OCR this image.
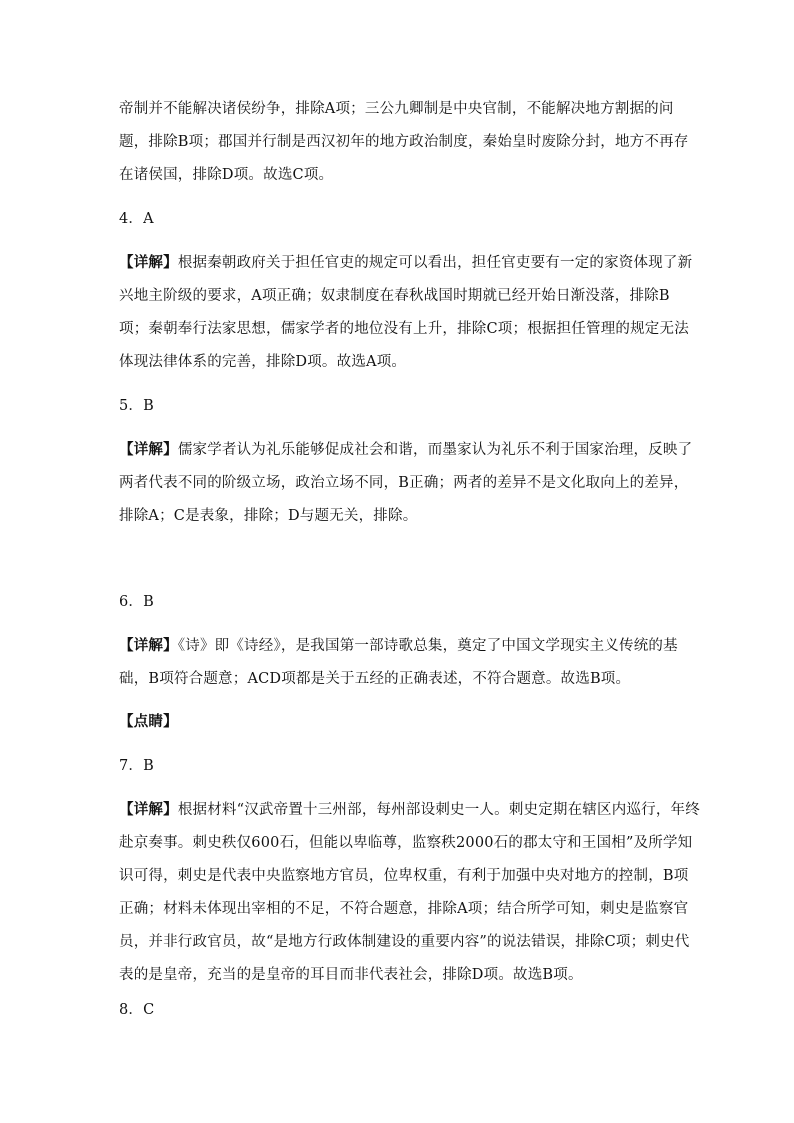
帝制并不能解决诸侯纷争，排除A项；三公九卿制是中央官制，不能解决地方割据的问
题，排除B项；郡国并行制是西汉初年的地方政治制度，秦始皇时废除分封，地方不再存
在诸侯国，排除D项。故选C项。
4．A
【详解】根据秦朝政府关于担任官吏的规定可以看出，担任官吏要有一定的家资体现了新
兴地主阶级的要求，A项正确；奴隶制度在春秋战国时期就已经开始日渐没落，排除B
项；秦朝奉行法家思想，儒家学者的地位没有上升，排除C项；根据担任管理的规定无法
体现法律体系的完善，排除D项。故选A项。
5．B
【详解】儒家学者认为礼乐能够促成社会和谐，而墨家认为礼乐不利于国家治理，反映了
两者代表不同的阶级立场，政治立场不同，B正确；两者的差异不是文化取向上的差异，
排除A；C是表象，排除；D与题无关，排除。
6．B
【详解】《诗》即《诗经》，是我国第一部诗歌总集，奠定了中国文学现实主义传统的基
础，B项符合题意；ACD项都是关于五经的正确表述，不符合题意。故选B项。
【点睛】
7．B
【详解】根据材料“汉武帝置十三州部，每州部设刺史一人。刺史定期在辖区内巡行，年终
赴京奏事。刺史秩仅600石，但能以卑临尊，监察秩2000石的郡太守和王国相”及所学知
识可得，刺史是代表中央监察地方官员，位卑权重，有利于加强中央对地方的控制，B项
正确；材料未体现出宰相的不足，不符合题意，排除A项；结合所学可知，刺史是监察官
员，并非行政官员，故“是地方行政体制建设的重要内容”的说法错误，排除C项；刺史代
表的是皇帝，充当的是皇帝的耳目而非代表社会，排除D项。故选B项。
8．C
